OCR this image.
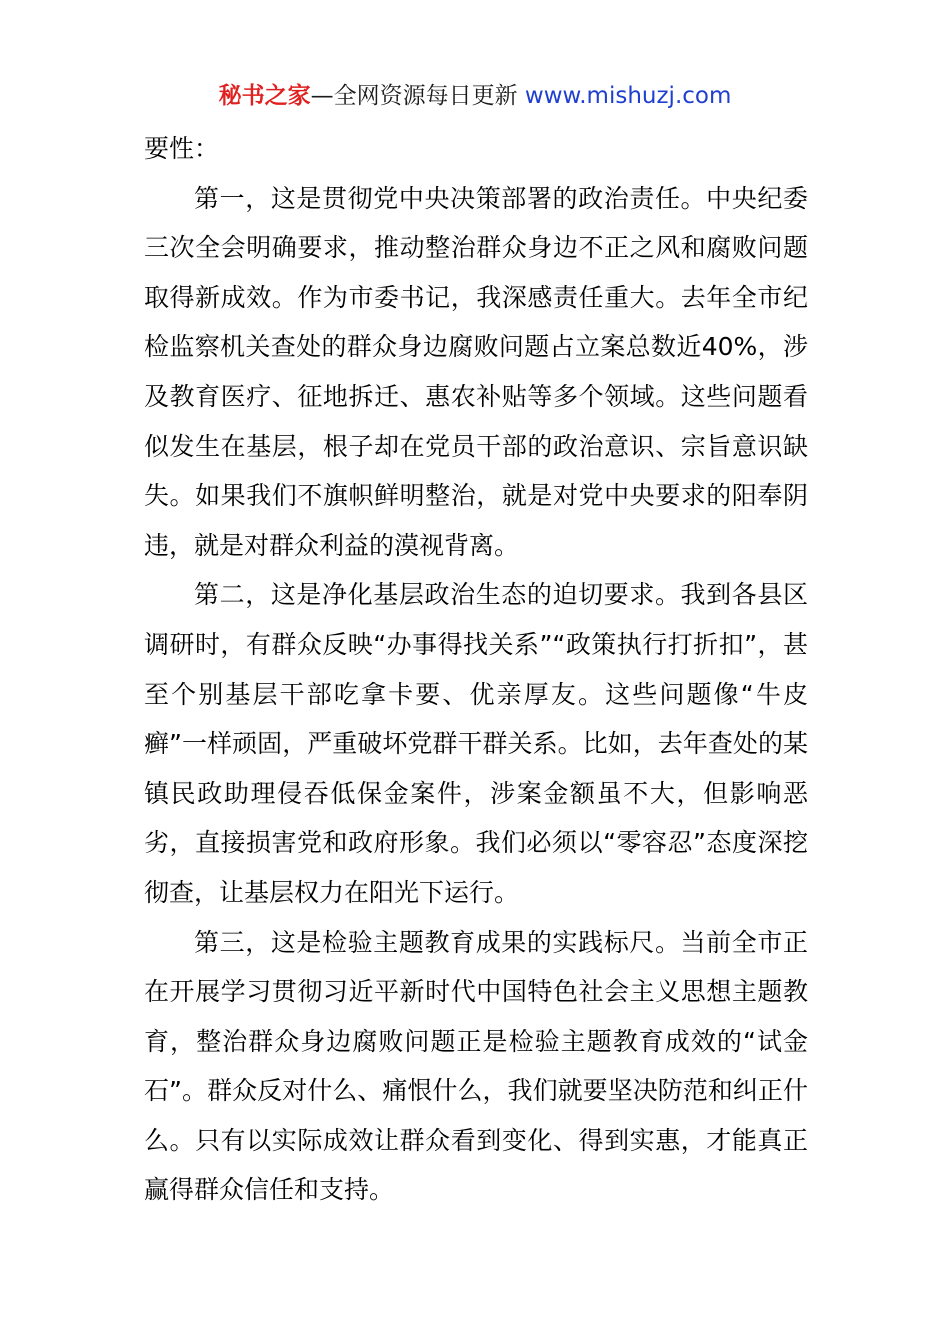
秘书之家—全网资源每日更新 www.mishuzj.com

要性：

第一，这是贯彻党中央决策部署的政治责任。中央纪委三次全会明确要求，推动整治群众身边不正之风和腐败问题取得新成效。作为市委书记，我深感责任重大。去年全市纪检监察机关查处的群众身边腐败问题占立案总数近40%，涉及教育医疗、征地拆迁、惠农补贴等多个领域。这些问题看似发生在基层，根子却在党员干部的政治意识、宗旨意识缺失。如果我们不旗帜鲜明整治，就是对党中央要求的阳奉阴违，就是对群众利益的漠视背离。

第二，这是净化基层政治生态的迫切要求。我到各县区调研时，有群众反映“办事得找关系”“政策执行打折扣”，甚至个别基层干部吃拿卡要、优亲厚友。这些问题像“牛皮癣”一样顽固，严重破坏党群干群关系。比如，去年查处的某镇民政助理侵吞低保金案件，涉案金额虽不大，但影响恶劣，直接损害党和政府形象。我们必须以“零容忍”态度深挖彻查，让基层权力在阳光下运行。

第三，这是检验主题教育成果的实践标尺。当前全市正在开展学习贯彻习近平新时代中国特色社会主义思想主题教育，整治群众身边腐败问题正是检验主题教育成效的“试金石”。群众反对什么、痛恨什么，我们就要坚决防范和纠正什么。只有以实际成效让群众看到变化、得到实惠，才能真正赢得群众信任和支持。
